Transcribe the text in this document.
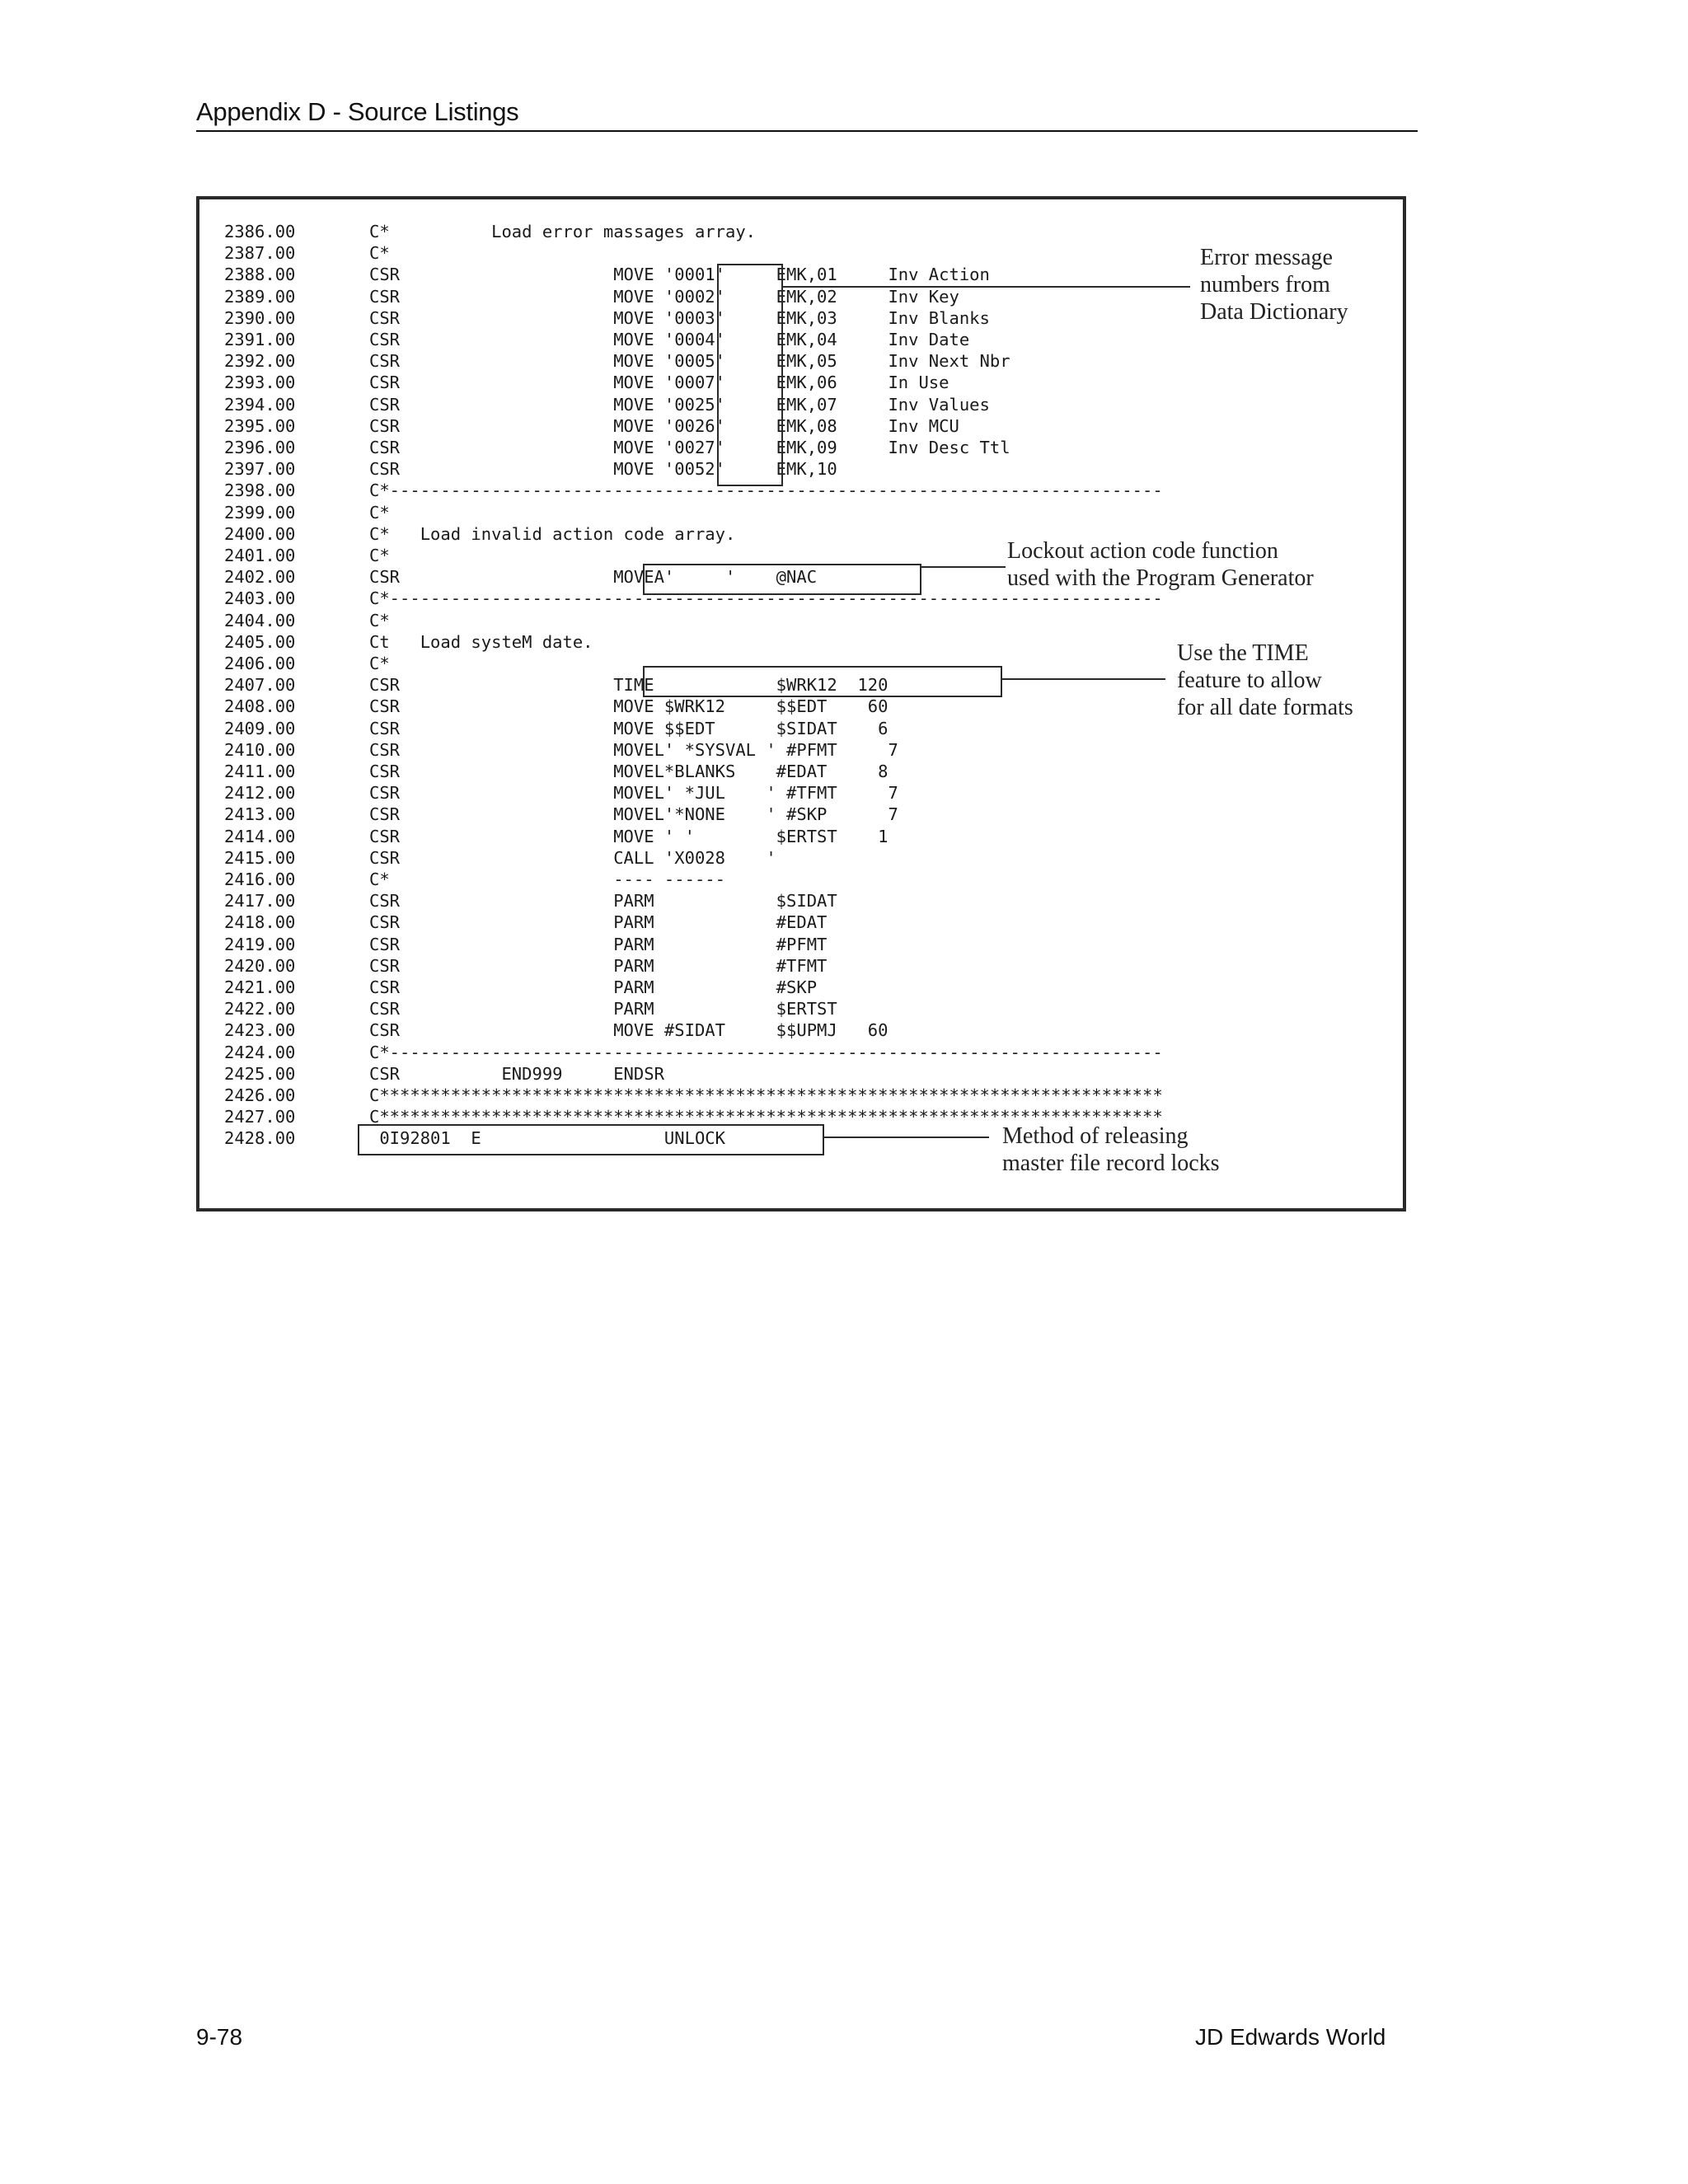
Appendix D - Source Listings
2386.00	C*          Load error massages array.
2387.00	C*
2388.00	CSR                     MOVE '0001'     EMK,01     Inv Action
2389.00	CSR                     MOVE '0002'     EMK,02     Inv Key
2390.00	CSR                     MOVE '0003'     EMK,03     Inv Blanks
2391.00	CSR                     MOVE '0004'     EMK,04     Inv Date
2392.00	CSR                     MOVE '0005'     EMK,05     Inv Next Nbr
2393.00	CSR                     MOVE '0007'     EMK,06     In Use
2394.00	CSR                     MOVE '0025'     EMK,07     Inv Values
2395.00	CSR                     MOVE '0026'     EMK,08     Inv MCU
2396.00	CSR                     MOVE '0027'     EMK,09     Inv Desc Ttl
2397.00	CSR                     MOVE '0052'     EMK,10
2398.00	C*----------------------------------------------------------------------------
2399.00	C*
2400.00	C*   Load invalid action code array.
2401.00	C*
2402.00	CSR                     MOVEA'     '    @NAC
2403.00	C*----------------------------------------------------------------------------
2404.00	C*
2405.00	Ct   Load systeM date.
2406.00	C*
2407.00	CSR                     TIME            $WRK12  120
2408.00	CSR                     MOVE $WRK12     $$EDT    60
2409.00	CSR                     MOVE $$EDT      $SIDAT    6
2410.00	CSR                     MOVEL' *SYSVAL ' #PFMT     7
2411.00	CSR                     MOVEL*BLANKS    #EDAT     8
2412.00	CSR                     MOVEL' *JUL    ' #TFMT     7
2413.00	CSR                     MOVEL'*NONE    ' #SKP      7
2414.00	CSR                     MOVE ' '        $ERTST    1
2415.00	CSR                     CALL 'X0028    '
2416.00	C*                      ---- ------
2417.00	CSR                     PARM            $SIDAT
2418.00	CSR                     PARM            #EDAT
2419.00	CSR                     PARM            #PFMT
2420.00	CSR                     PARM            #TFMT
2421.00	CSR                     PARM            #SKP
2422.00	CSR                     PARM            $ERTST
2423.00	CSR                     MOVE #SIDAT     $$UPMJ   60
2424.00	C*----------------------------------------------------------------------------
2425.00	CSR          END999     ENDSR
2426.00	C*****************************************************************************
2427.00	C*****************************************************************************
2428.00	0I92801  E                  UNLOCK
Error message
numbers from
Data Dictionary
Lockout action code function
used with the Program Generator
Use the TIME
feature to allow
for all date formats
Method of releasing
master file record locks
9-78	JD Edwards World
